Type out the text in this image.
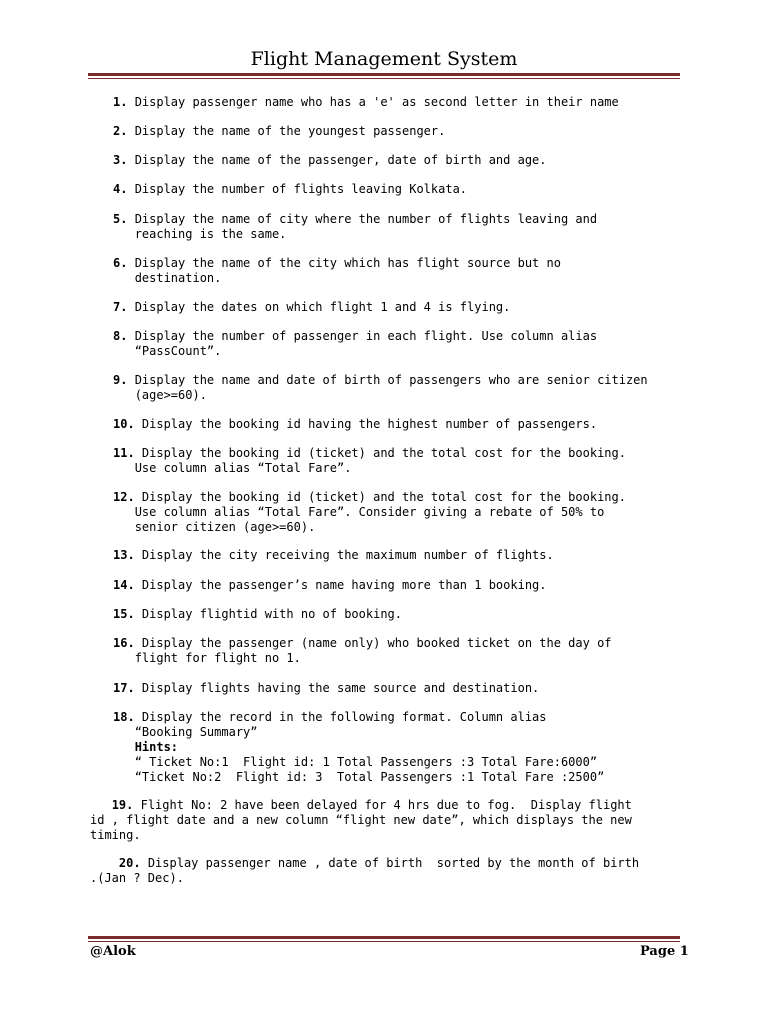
Flight Management System
1. Display passenger name who has a 'e' as second letter in their name
2. Display the name of the youngest passenger.
3. Display the name of the passenger, date of birth and age.
4. Display the number of flights leaving Kolkata.
5. Display the name of city where the number of flights leaving and
reaching is the same.
6. Display the name of the city which has flight source but no
destination.
7. Display the dates on which flight 1 and 4 is flying.
8. Display the number of passenger in each flight. Use column alias
“PassCount”.
9. Display the name and date of birth of passengers who are senior citizen
(age>=60).
10. Display the booking id having the highest number of passengers.
11. Display the booking id (ticket) and the total cost for the booking.
Use column alias “Total Fare”.
12. Display the booking id (ticket) and the total cost for the booking.
Use column alias “Total Fare”. Consider giving a rebate of 50% to
senior citizen (age>=60).
13. Display the city receiving the maximum number of flights.
14. Display the passenger’s name having more than 1 booking.
15. Display flightid with no of booking.
16. Display the passenger (name only) who booked ticket on the day of
flight for flight no 1.
17. Display flights having the same source and destination.
18. Display the record in the following format. Column alias
“Booking Summary”
Hints:
“ Ticket No:1  Flight id: 1 Total Passengers :3 Total Fare:6000”
“Ticket No:2  Flight id: 3  Total Passengers :1 Total Fare :2500”
19. Flight No: 2 have been delayed for 4 hrs due to fog.  Display flight
id , flight date and a new column “flight new date”, which displays the new
timing.
20. Display passenger name , date of birth  sorted by the month of birth
.(Jan ? Dec).
@Alok	Page 1
